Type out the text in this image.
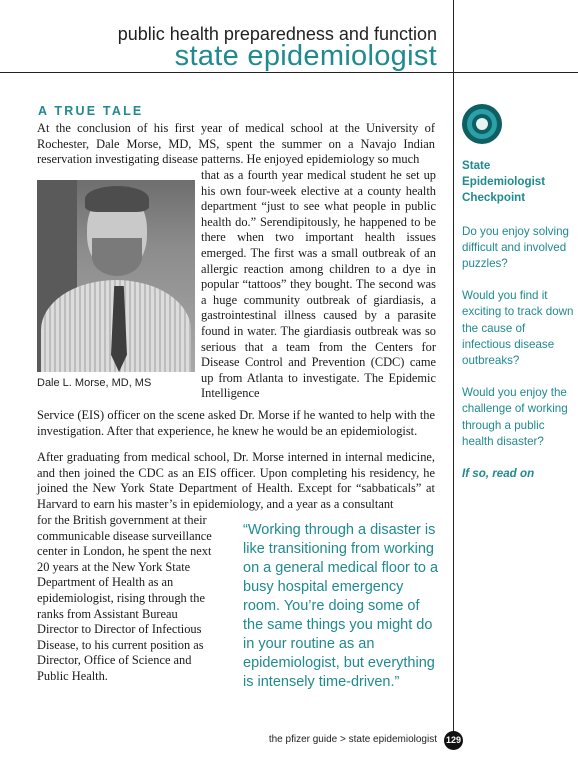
public health preparedness and function
state epidemiologist
A TRUE TALE

At the conclusion of his first year of medical school at the University of Rochester, Dale Morse, MD, MS, spent the summer on a Navajo Indian reservation investigating disease patterns. He enjoyed epidemiology so much

Dale L. Morse, MD, MS

that as a fourth year medical student he set up his own four-week elective at a county health department “just to see what people in public health do.” Serendipitously, he happened to be there when two important health issues emerged. The first was a small outbreak of an allergic reaction among children to a dye in popular “tattoos” they bought. The second was a huge community outbreak of giardiasis, a gastrointestinal illness caused by a parasite found in water. The giardiasis outbreak was so serious that a team from the Centers for Disease Control and Prevention (CDC) came up from Atlanta to investigate. The Epidemic Intelligence

Service (EIS) officer on the scene asked Dr. Morse if he wanted to help with the investigation. After that experience, he knew he would be an epidemiologist.

After graduating from medical school, Dr. Morse interned in internal medicine, and then joined the CDC as an EIS officer. Upon completing his residency, he joined the New York State Department of Health. Except for “sabbaticals” at Harvard to earn his master’s in epidemiology, and a year as a consultant

for the British government at their communicable disease surveillance center in London, he spent the next 20 years at the New York State Department of Health as an epidemiologist, rising through the ranks from Assistant Bureau Director to Director of Infectious Disease, to his current position as Director, Office of Science and Public Health.

“Working through a disaster is like transitioning from working on a general medical floor to a busy hospital emergency room. You’re doing some of the same things you might do in your routine as an epidemiologist, but everything is intensely time-driven.”

State Epidemiologist Checkpoint

Do you enjoy solving difficult and involved puzzles?

Would you find it exciting to track down the cause of infectious disease outbreaks?

Would you enjoy the challenge of working through a public health disaster?

If so, read on

the pfizer guide > state epidemiologist 129
